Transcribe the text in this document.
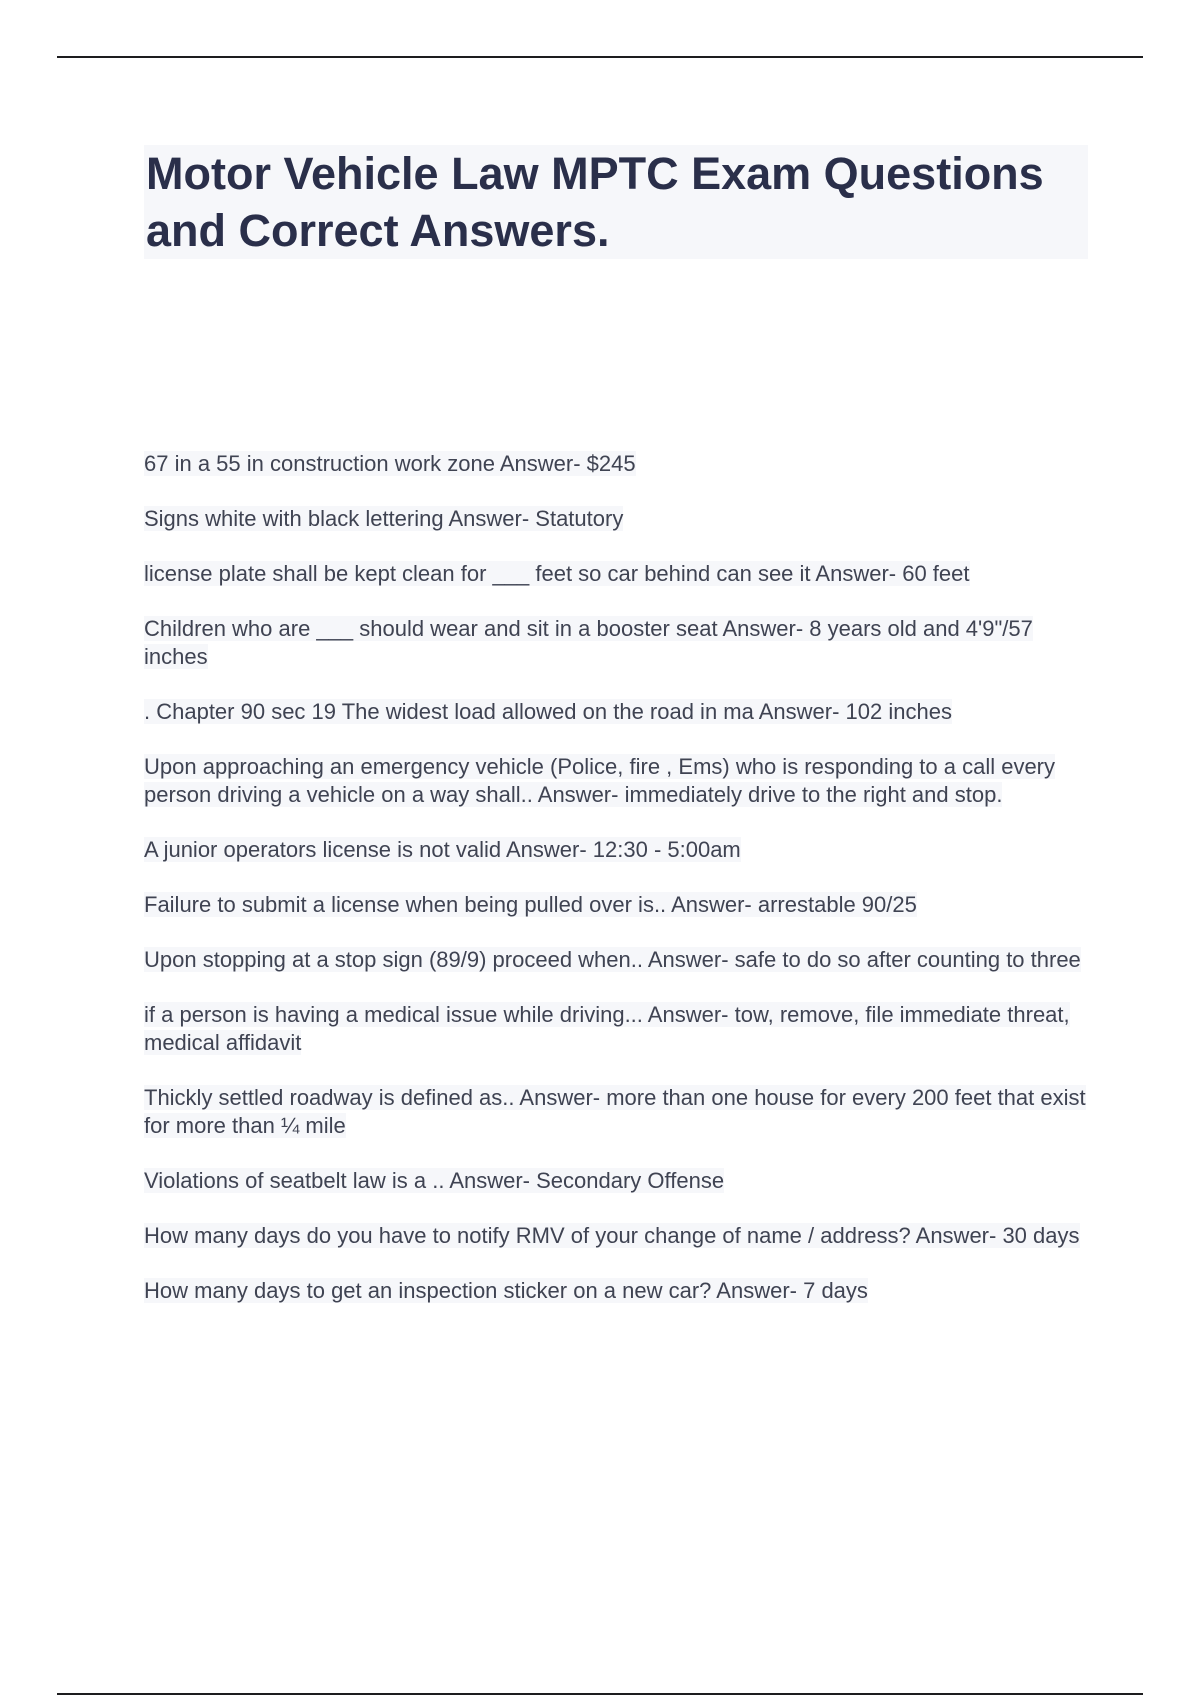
Motor Vehicle Law MPTC Exam Questions and Correct Answers.
67 in a 55 in construction work zone Answer- $245
Signs white with black lettering Answer- Statutory
license plate shall be kept clean for ___ feet so car behind can see it Answer- 60 feet
Children who are ___ should wear and sit in a booster seat Answer- 8 years old and 4'9"/57 inches
. Chapter 90 sec 19 The widest load allowed on the road in ma Answer- 102 inches
Upon approaching an emergency vehicle (Police, fire , Ems) who is responding to a call every person driving a vehicle on a way shall.. Answer- immediately drive to the right and stop.
A junior operators license is not valid Answer- 12:30 - 5:00am
Failure to submit a license when being pulled over is.. Answer- arrestable 90/25
Upon stopping at a stop sign (89/9) proceed when.. Answer- safe to do so after counting to three
if a person is having a medical issue while driving... Answer- tow, remove, file immediate threat, medical affidavit
Thickly settled roadway is defined as.. Answer- more than one house for every 200 feet that exist for more than ¼ mile
Violations of seatbelt law is a .. Answer- Secondary Offense
How many days do you have to notify RMV of your change of name / address? Answer- 30 days
How many days to get an inspection sticker on a new car? Answer- 7 days
